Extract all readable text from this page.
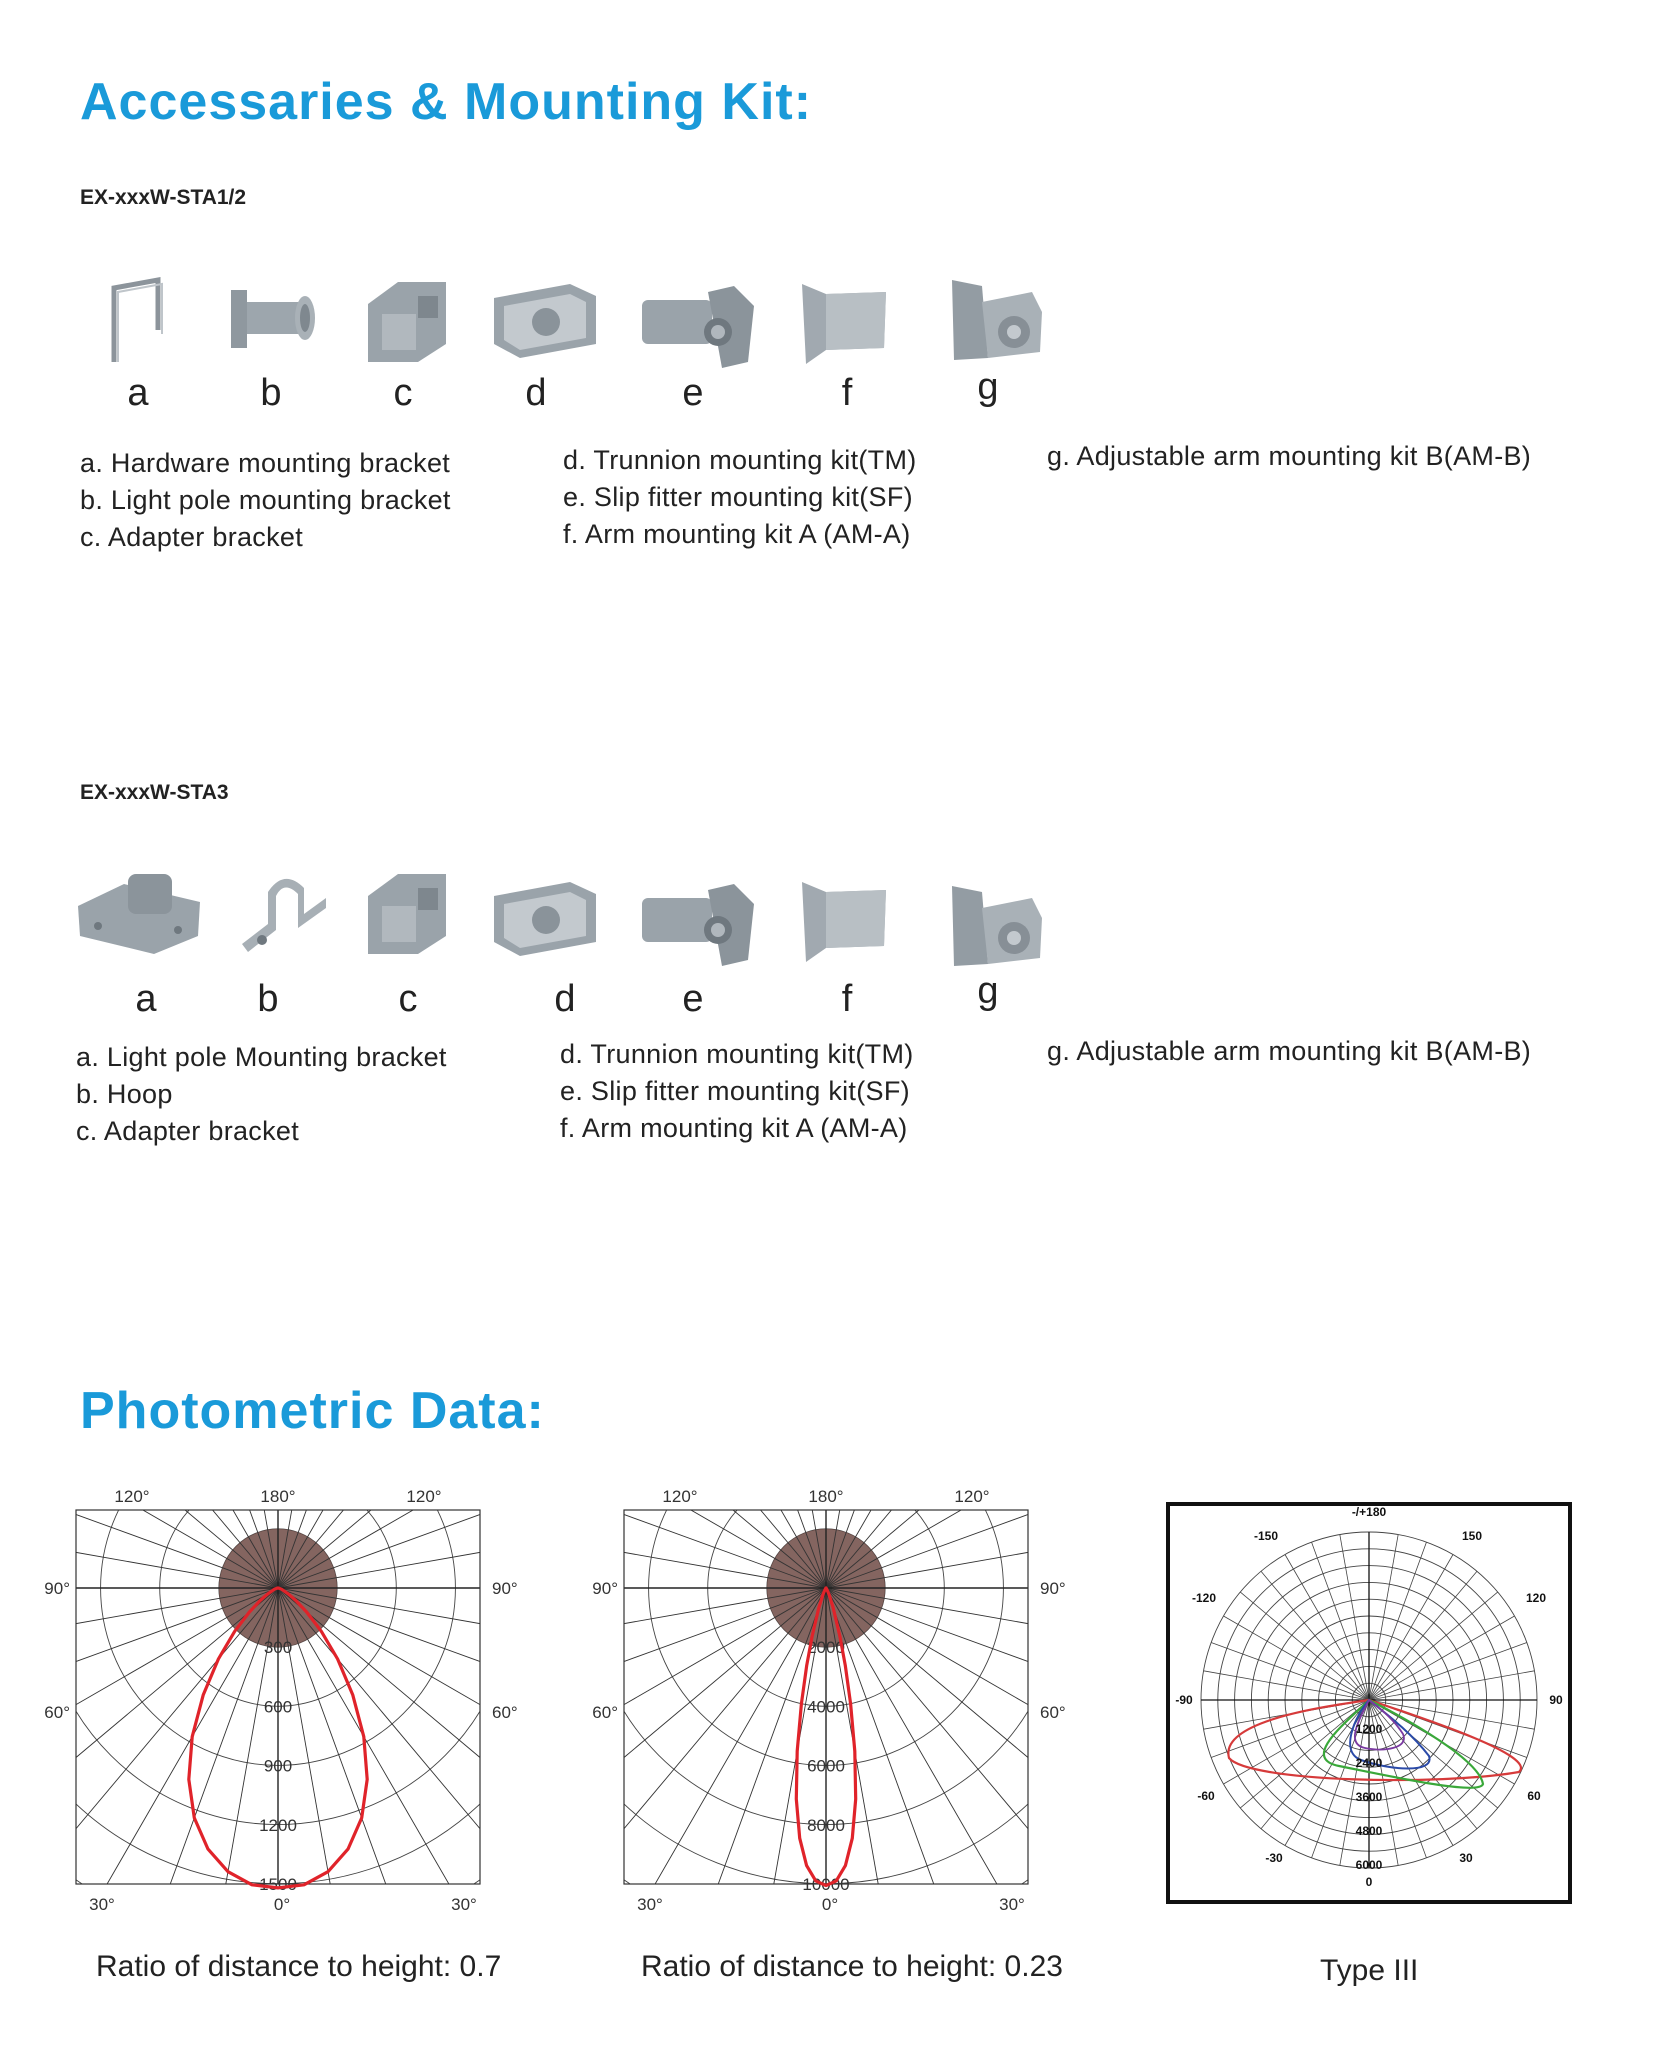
Accessaries & Mounting Kit:
EX-xxxW-STA1/2
a	b	c	d	e	f	g
a. Hardware mounting bracket
b. Light pole mounting bracket
c. Adapter bracket
d. Trunnion mounting kit(TM)
e. Slip fitter mounting kit(SF)
f. Arm mounting kit A (AM-A)
g. Adjustable arm mounting kit B(AM-B)
EX-xxxW-STA3
a	b	c	d	e	f	g
a. Light pole Mounting bracket
b. Hoop
c. Adapter bracket
d. Trunnion mounting kit(TM)
e. Slip fitter mounting kit(SF)
f. Arm mounting kit A (AM-A)
g. Adjustable arm mounting kit B(AM-B)
Photometric Data:
300
600
900
1200
1500
120°	180°	120°
90°	90°
60°	60°
30°	0°	30°
Ratio of distance to height: 0.7
2000
4000
6000
8000
10000
120°	180°	120°
90°	90°
60°	60°
30°	0°	30°
Ratio of distance to height: 0.23
-/+180
-150	150
-120	120
-90	90
-60	60
-30	30
0
1200
2400
3600
4800
6000
Type III
